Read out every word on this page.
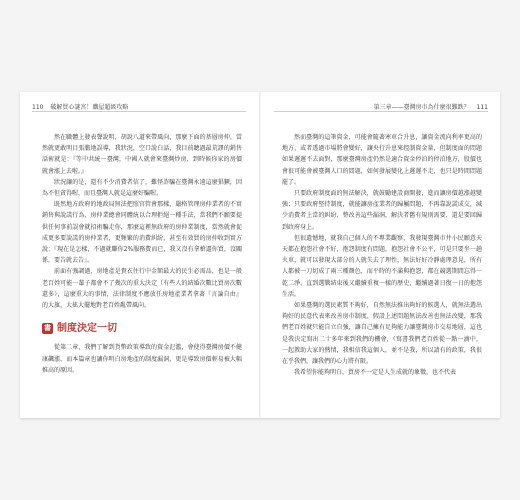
110 破解買心謎宮！購屋超級攻略

然在職體上發表聲說明，胡說八道來帶風向，那麼下面的基層房仲，當然就更敢明目張膽地誤導，我狀況，空口說白話，我目前聽過最荒謬的銷售話術就是：『等中共統一臺灣，中國人就會來臺灣炒房，到時候你家的房價就會漲上去啦。』

狀況讓的是，還有不少消費者信了，難怪詐騙在臺灣永遠這麼猖獗，因為不但貪得喔，而且臺灣人就是這麼好騙喔。

既然地方政府的地政局無法把照官管會那樣，嚴格管理房仲業者的不實銷售與說謊行為，房仲業總會同體統以合理拒絕一種手法，當我們不願要提供任何事前誤會就招術騙走你，那麼這裡無政府的房仲業制度，當然就會促成更多要說謊的房仲業者，更頻繁的消費糾紛，甚至有效買的房仲收到實方說：『現在是怎樣，不過就賺你2%服務費而已，我又沒有拿槍逼你買，沒關係，要告就去告』。

前面有強調過，房地產是貴衣住行中金額最大的民生必需品，也是一般老百姓可能一輩子都會不了幾次的重大決定（有些人的結婚次數比買房次數還多），這麼重大的事情，法律制度不應放任房地產業者拿著『言論自由』的大旗，大搖大擺地對老百姓亂帶風向。

書 制度決定一切

從第二章，我們了解到貨幣政策導致的資金氾濫，會使得臺灣房價不健康飆漲，而本篇章也讓你明白房地產的制度漏洞，更是導致房價輕易被大幅推高的原因。

第三章——臺灣房市為什麼很難跌？ 111

然而臺灣的這筆資金，可能會隨著寒車合升息，讓資金流向利率更高的地方，或者透過市場將會變好，讓央行升息來控制資金量，但制度面的問題如果遲遲不去面對，那麼臺灣房產仍然是適合資金停泊的停泊地方，股價也會很可能會被臺灣人口的問題，如何發展變化上遲遲不走，也只是時間問題罷了。

只要政府制度面的無法解決，就鼓勵建設商開發，進而讓房價越漲越變強；只要政府堅持制度，就能讓房產業者的歸屬問題，不再靠說謊成交，減少消費者上當的糾紛，整改善這些漏洞，解決者舊有規則需要，還是要回歸到政府身上。

但很遺憾地，就我自己個人的不專業觀察，我發現臺灣市井小民願意天天都在抱怨社會不好，抱怨制度有問題，抱怨社會不公平，可是只要坐一趟火車，就可以發現大部分的人就失去了理性，無法好好冷靜處理意見，所有人都被一刀切成了兩三種顏色，而平時的不滿與抱怨，都在競選期間忘得一乾二淨，直到選戰結束後又繼續重複一樣的歷史，繼續過著日復一日的抱怨生活。

如果臺灣的選民素質不夠好，自然無法推出夠好的候選人，就無法選出夠好的民意代表來改善房市制度，假設上述問題無法改善也無法改變，那我們老百姓就只能自立自強，讓自己擁有足夠能力讓臺灣房市交易地層，這也是我決定寫出二十多年來到我們的機會，（寫書我們老百姓從一點一滴中，一起教助大家的熱情，我相信我這個人，並不是我，所以請有的政策，我很在乎我們，讓我們的心力將有限。

我希望你能夠明白，買房不一定是人生成就的象徵，也不代表
